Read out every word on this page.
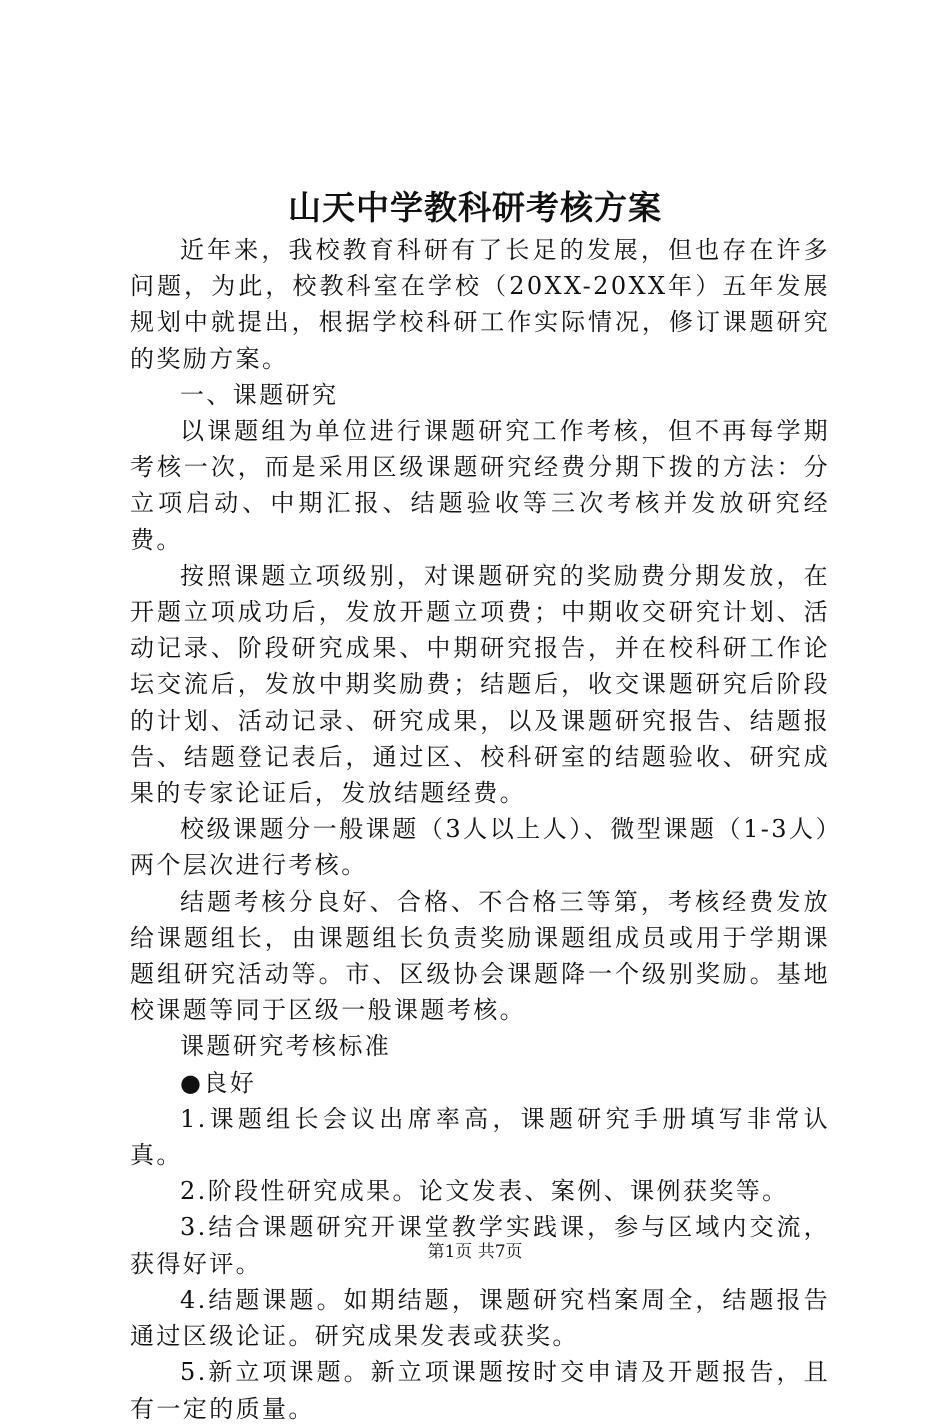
山天中学教科研考核方案

近年来，我校教育科研有了长足的发展，但也存在许多问题，为此，校教科室在学校（20XX-20XX年）五年发展规划中就提出，根据学校科研工作实际情况，修订课题研究的奖励方案。

一、课题研究

以课题组为单位进行课题研究工作考核，但不再每学期考核一次，而是采用区级课题研究经费分期下拨的方法：分立项启动、中期汇报、结题验收等三次考核并发放研究经费。

按照课题立项级别，对课题研究的奖励费分期发放，在开题立项成功后，发放开题立项费；中期收交研究计划、活动记录、阶段研究成果、中期研究报告，并在校科研工作论坛交流后，发放中期奖励费；结题后，收交课题研究后阶段的计划、活动记录、研究成果，以及课题研究报告、结题报告、结题登记表后，通过区、校科研室的结题验收、研究成果的专家论证后，发放结题经费。

校级课题分一般课题（3人以上人）、微型课题（1-3人）两个层次进行考核。

结题考核分良好、合格、不合格三等第，考核经费发放给课题组长，由课题组长负责奖励课题组成员或用于学期课题组研究活动等。市、区级协会课题降一个级别奖励。基地校课题等同于区级一般课题考核。

课题研究考核标准

●良好

1.课题组长会议出席率高，课题研究手册填写非常认真。

2.阶段性研究成果。论文发表、案例、课例获奖等。

3.结合课题研究开课堂教学实践课，参与区域内交流，获得好评。

4.结题课题。如期结题，课题研究档案周全，结题报告通过区级论证。研究成果发表或获奖。

5.新立项课题。新立项课题按时交申请及开题报告，且有一定的质量。

第1页 共7页
